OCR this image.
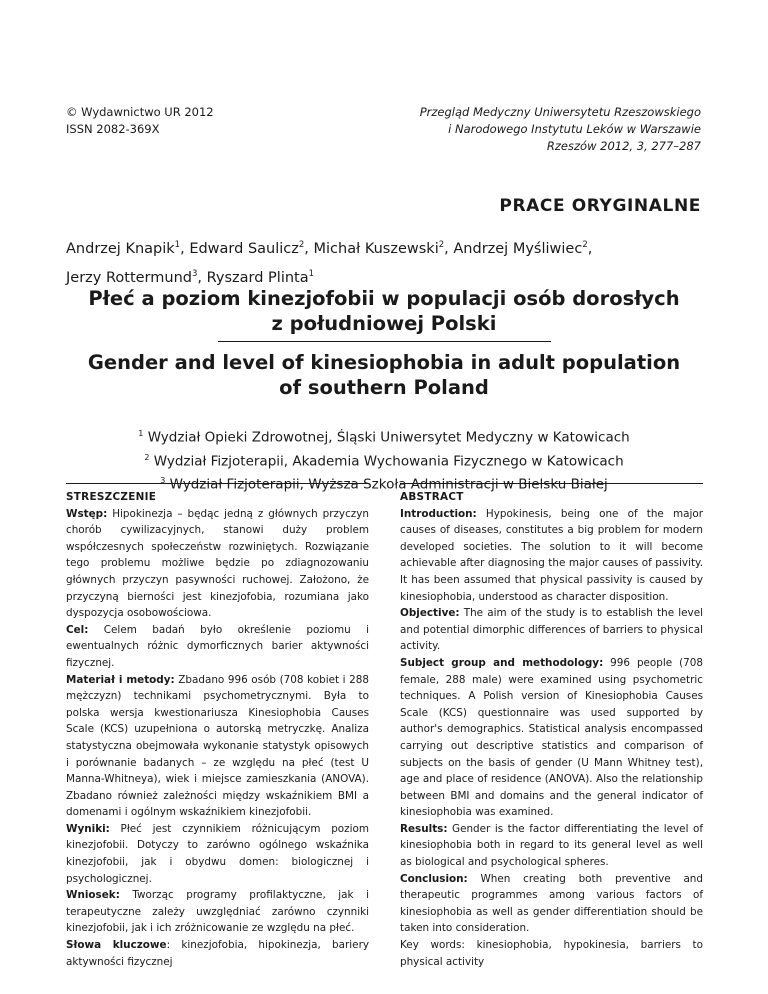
© Wydawnictwo UR 2012
ISSN 2082-369X
Przegląd Medyczny Uniwersytetu Rzeszowskiego
i Narodowego Instytutu Leków w Warszawie
Rzeszów 2012, 3, 277–287
PRACE ORYGINALNE
Andrzej Knapik$^1$, Edward Saulicz$^2$, Michał Kuszewski$^2$, Andrzej Myśliwiec$^2$,
Jerzy Rottermund$^3$, Ryszard Plinta$^1$
Płeć a poziom kinezjofobii w populacji osób dorosłych
z południowej Polski
Gender and level of kinesiophobia in adult population
of southern Poland
$^1$ Wydział Opieki Zdrowotnej, Śląski Uniwersytet Medyczny w Katowicach
$^2$ Wydział Fizjoterapii, Akademia Wychowania Fizycznego w Katowicach
$^3$ Wydział Fizjoterapii, Wyższa Szkoła Administracji w Bielsku Białej
STRESZCZENIE
Wstęp: Hipokinezja – będąc jedną z głównych przyczyn chorób cywilizacyjnych, stanowi duży problem współczesnych społeczeństw rozwiniętych. Rozwiązanie tego problemu możliwe będzie po zdiagnozowaniu głównych przyczyn pasywności ruchowej. Założono, że przyczyną bierności jest kinezjofobia, rozumiana jako dyspozycja osobowościowa.
Cel: Celem badań było określenie poziomu i ewentualnych różnic dymorficznych barier aktywności fizycznej.
Materiał i metody: Zbadano 996 osób (708 kobiet i 288 mężczyzn) technikami psychometrycznymi. Była to polska wersja kwestionariusza Kinesiophobia Causes Scale (KCS) uzupełniona o autorską metryczkę. Analiza statystyczna obejmowała wykonanie statystyk opisowych i porównanie badanych – ze względu na płeć (test U Manna-Whitneya), wiek i miejsce zamieszkania (ANOVA). Zbadano również zależności między wskaźnikiem BMI a domenami i ogólnym wskaźnikiem kinezjofobii.
Wyniki: Płeć jest czynnikiem różnicującym poziom kinezjofobii. Dotyczy to zarówno ogólnego wskaźnika kinezjofobii, jak i obydwu domen: biologicznej i psychologicznej.
Wniosek: Tworząc programy profilaktyczne, jak i terapeutyczne zależy uwzględniać zarówno czynniki kinezjofobii, jak i ich zróżnicowanie ze względu na płeć.
Słowa kluczowe: kinezjofobia, hipokinezja, bariery aktywności fizycznej
ABSTRACT
Introduction: Hypokinesis, being one of the major causes of diseases, constitutes a big problem for modern developed societies. The solution to it will become achievable after diagnosing the major causes of passivity. It has been assumed that physical passivity is caused by kinesiophobia, understood as character disposition.
Objective: The aim of the study is to establish the level and potential dimorphic differences of barriers to physical activity.
Subject group and methodology: 996 people (708 female, 288 male) were examined using psychometric techniques. A Polish version of Kinesiophobia Causes Scale (KCS) questionnaire was used supported by author's demographics. Statistical analysis encompassed carrying out descriptive statistics and comparison of subjects on the basis of gender (U Mann Whitney test), age and place of residence (ANOVA). Also the relationship between BMI and domains and the general indicator of kinesiophobia was examined.
Results: Gender is the factor differentiating the level of kinesiophobia both in regard to its general level as well as biological and psychological spheres.
Conclusion: When creating both preventive and therapeutic programmes among various factors of kinesiophobia as well as gender differentiation should be taken into consideration.
Key words: kinesiophobia, hypokinesia, barriers to physical activity
